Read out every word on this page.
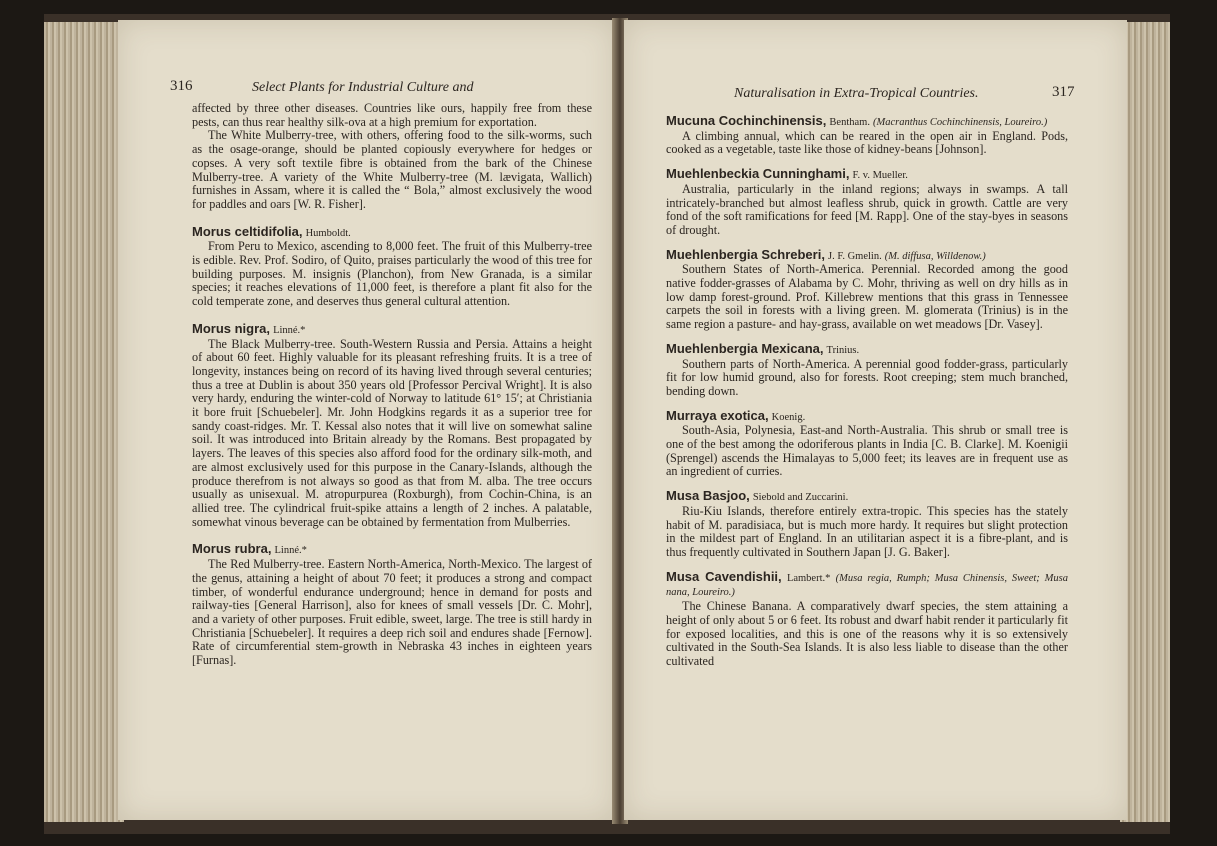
316	Select Plants for Industrial Culture and

affected by three other diseases. Countries like ours, happily free from these pests, can thus rear healthy silk-ova at a high premium for exportation.

The White Mulberry-tree, with others, offering food to the silk-worms, such as the osage-orange, should be planted copiously everywhere for hedges or copses. A very soft textile fibre is obtained from the bark of the Chinese Mulberry-tree. A variety of the White Mulberry-tree (M. lævigata, Wallich) furnishes in Assam, where it is called the “ Bola,” almost exclusively the wood for paddles and oars [W. R. Fisher].

Morus celtidifolia, Humboldt.

From Peru to Mexico, ascending to 8,000 feet. The fruit of this Mulberry-tree is edible. Rev. Prof. Sodiro, of Quito, praises particularly the wood of this tree for building purposes. M. insignis (Planchon), from New Granada, is a similar species; it reaches elevations of 11,000 feet, is therefore a plant fit also for the cold temperate zone, and deserves thus general cultural attention.

Morus nigra, Linné.*

The Black Mulberry-tree. South-Western Russia and Persia. Attains a height of about 60 feet. Highly valuable for its pleasant refreshing fruits. It is a tree of longevity, instances being on record of its having lived through several centuries; thus a tree at Dublin is about 350 years old [Professor Percival Wright]. It is also very hardy, enduring the winter-cold of Norway to latitude 61° 15′; at Christiania it bore fruit [Schuebeler]. Mr. John Hodgkins regards it as a superior tree for sandy coast-ridges. Mr. T. Kessal also notes that it will live on somewhat saline soil. It was introduced into Britain already by the Romans. Best propagated by layers. The leaves of this species also afford food for the ordinary silk-moth, and are almost exclusively used for this purpose in the Canary-Islands, although the produce therefrom is not always so good as that from M. alba. The tree occurs usually as unisexual. M. atropurpurea (Roxburgh), from Cochin-China, is an allied tree. The cylindrical fruit-spike attains a length of 2 inches. A palatable, somewhat vinous beverage can be obtained by fermentation from Mulberries.

Morus rubra, Linné.*

The Red Mulberry-tree. Eastern North-America, North-Mexico. The largest of the genus, attaining a height of about 70 feet; it produces a strong and compact timber, of wonderful endurance underground; hence in demand for posts and railway-ties [General Harrison], also for knees of small vessels [Dr. C. Mohr], and a variety of other purposes. Fruit edible, sweet, large. The tree is still hardy in Christiania [Schuebeler]. It requires a deep rich soil and endures shade [Fernow]. Rate of circumferential stem-growth in Nebraska 43 inches in eighteen years [Furnas].

Naturalisation in Extra-Tropical Countries.	317
Mucuna Cochinchinensis, Bentham. (Macranthus Cochinchinensis, Loureiro.)

A climbing annual, which can be reared in the open air in England. Pods, cooked as a vegetable, taste like those of kidney-beans [Johnson].

Muehlenbeckia Cunninghami, F. v. Mueller.

Australia, particularly in the inland regions; always in swamps. A tall intricately-branched but almost leafless shrub, quick in growth. Cattle are very fond of the soft ramifications for feed [M. Rapp]. One of the stay-byes in seasons of drought.

Muehlenbergia Schreberi, J. F. Gmelin. (M. diffusa, Willdenow.)

Southern States of North-America. Perennial. Recorded among the good native fodder-grasses of Alabama by C. Mohr, thriving as well on dry hills as in low damp forest-ground. Prof. Killebrew mentions that this grass in Tennessee carpets the soil in forests with a living green. M. glomerata (Trinius) is in the same region a pasture- and hay-grass, available on wet meadows [Dr. Vasey].

Muehlenbergia Mexicana, Trinius.

Southern parts of North-America. A perennial good fodder-grass, particularly fit for low humid ground, also for forests. Root creeping; stem much branched, bending down.

Murraya exotica, Koenig.

South-Asia, Polynesia, East-and North-Australia. This shrub or small tree is one of the best among the odoriferous plants in India [C. B. Clarke]. M. Koenigii (Sprengel) ascends the Himalayas to 5,000 feet; its leaves are in frequent use as an ingredient of curries.

Musa Basjoo, Siebold and Zuccarini.

Riu-Kiu Islands, therefore entirely extra-tropic. This species has the stately habit of M. paradisiaca, but is much more hardy. It requires but slight protection in the mildest part of England. In an utilitarian aspect it is a fibre-plant, and is thus frequently cultivated in Southern Japan [J. G. Baker].

Musa Cavendishii, Lambert.* (Musa regia, Rumph; Musa Chinensis, Sweet; Musa nana, Loureiro.)

The Chinese Banana. A comparatively dwarf species, the stem attaining a height of only about 5 or 6 feet. Its robust and dwarf habit render it particularly fit for exposed localities, and this is one of the reasons why it is so extensively cultivated in the South-Sea Islands. It is also less liable to disease than the other cultivated
